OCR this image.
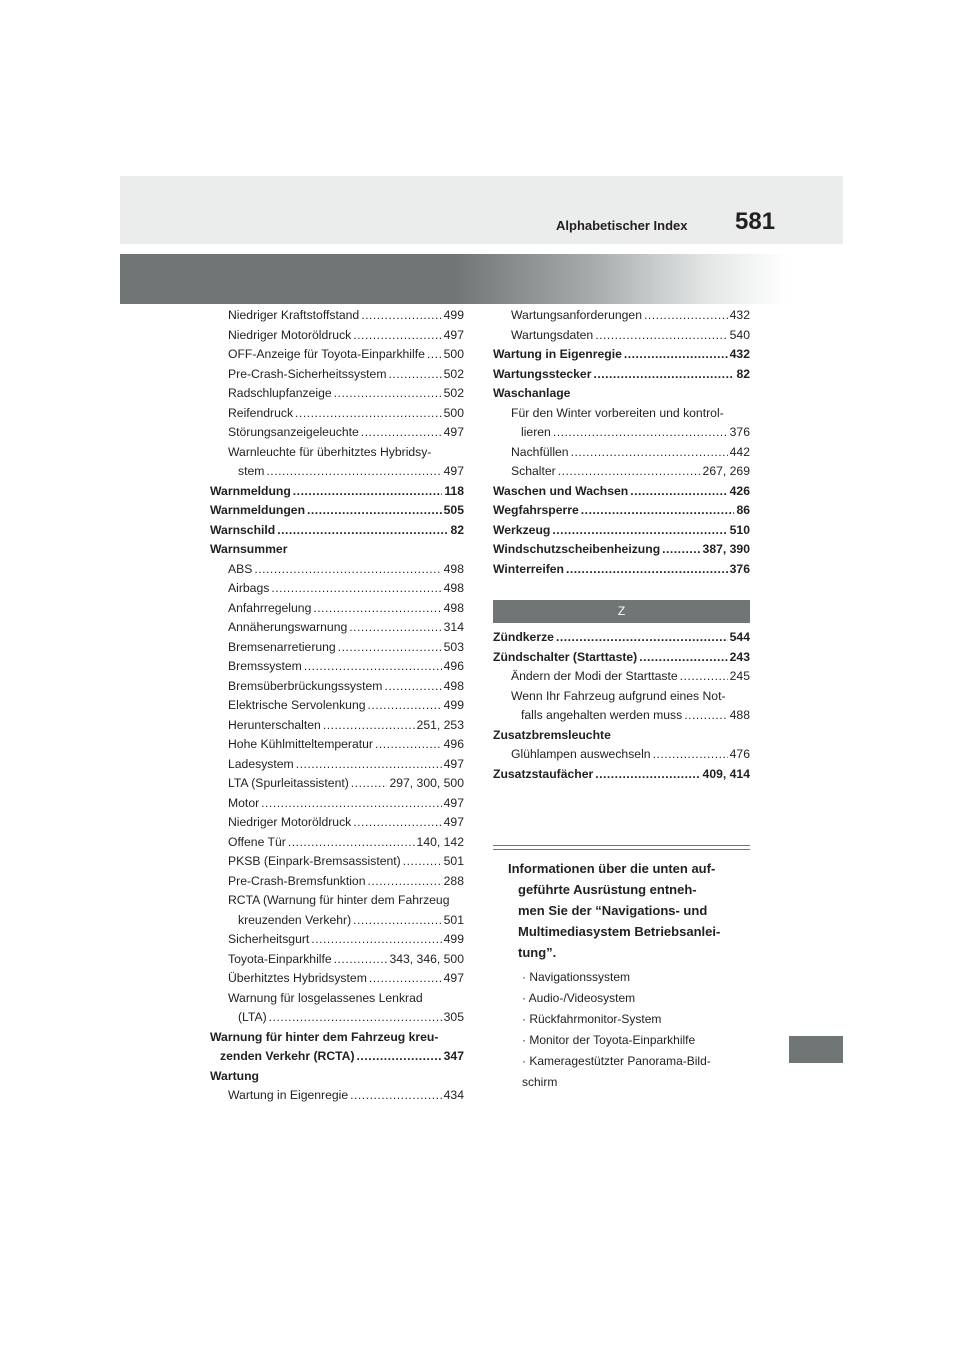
Alphabetischer Index 581
Niedriger Kraftstoffstand .....	499
Niedriger Motoröldruck .....	497
OFF-Anzeige für Toyota-Einparkhilfe ..... 500
Pre-Crash-Sicherheitssystem .....	502
Radschlupfanzeige .....	502
Reifendruck .....	500
Störungsanzeigeleuchte .....	497
Warnleuchte für überhitztes Hybridsy-
stem .....	497
Warnmeldung .....	118
Warnmeldungen .....	505
Warnschild .....	82
Warnsummer
ABS .....	498
Airbags .....	498
Anfahrregelung .....	498
Annäherungswarnung .....	314
Bremsenarretierung .....	503
Bremssystem .....	496
Bremsüberbrückungssystem .....	498
Elektrische Servolenkung .....	499
Herunterschalten .....	251, 253
Hohe Kühlmitteltemperatur .....	496
Ladesystem .....	497
LTA (Spurleitassistent) .....	297, 300, 500
Motor .....	497
Niedriger Motoröldruck .....	497
Offene Tür .....	140, 142
PKSB (Einpark-Bremsassistent) .....	501
Pre-Crash-Bremsfunktion .....	288
RCTA (Warnung für hinter dem Fahrzeug
kreuzenden Verkehr) .....	501
Sicherheitsgurt .....	499
Toyota-Einparkhilfe .....	343, 346, 500
Überhitztes Hybridsystem .....	497
Warnung für losgelassenes Lenkrad
(LTA) .....	305
Warnung für hinter dem Fahrzeug kreu-
zenden Verkehr (RCTA) .....	347
Wartung
Wartung in Eigenregie .....	434
Wartungsanforderungen .....	432
Wartungsdaten .....	540
Wartung in Eigenregie .....	432
Wartungsstecker .....	82
Waschanlage
Für den Winter vorbereiten und kontrol-
lieren .....	376
Nachfüllen .....	442
Schalter .....	267, 269
Waschen und Wachsen .....	426
Wegfahrsperre .....	86
Werkzeug .....	510
Windschutzscheibenheizung .....	387, 390
Winterreifen .....	376
Z
Zündkerze .....	544
Zündschalter (Starttaste) .....	243
Ändern der Modi der Starttaste .....	245
Wenn Ihr Fahrzeug aufgrund eines Not-
falls angehalten werden muss .....	488
Zusatzbremsleuchte
Glühlampen auswechseln .....	476
Zusatzstaufächer .....	409, 414
Informationen über die unten auf-
geführte Ausrüstung entneh-
men Sie der “Navigations- und
Multimediasystem Betriebsanlei-
tung”.
· Navigationssystem
· Audio-/Videosystem
· Rückfahrmonitor-System
· Monitor der Toyota-Einparkhilfe
· Kameragestützter Panorama-Bild-
schirm
